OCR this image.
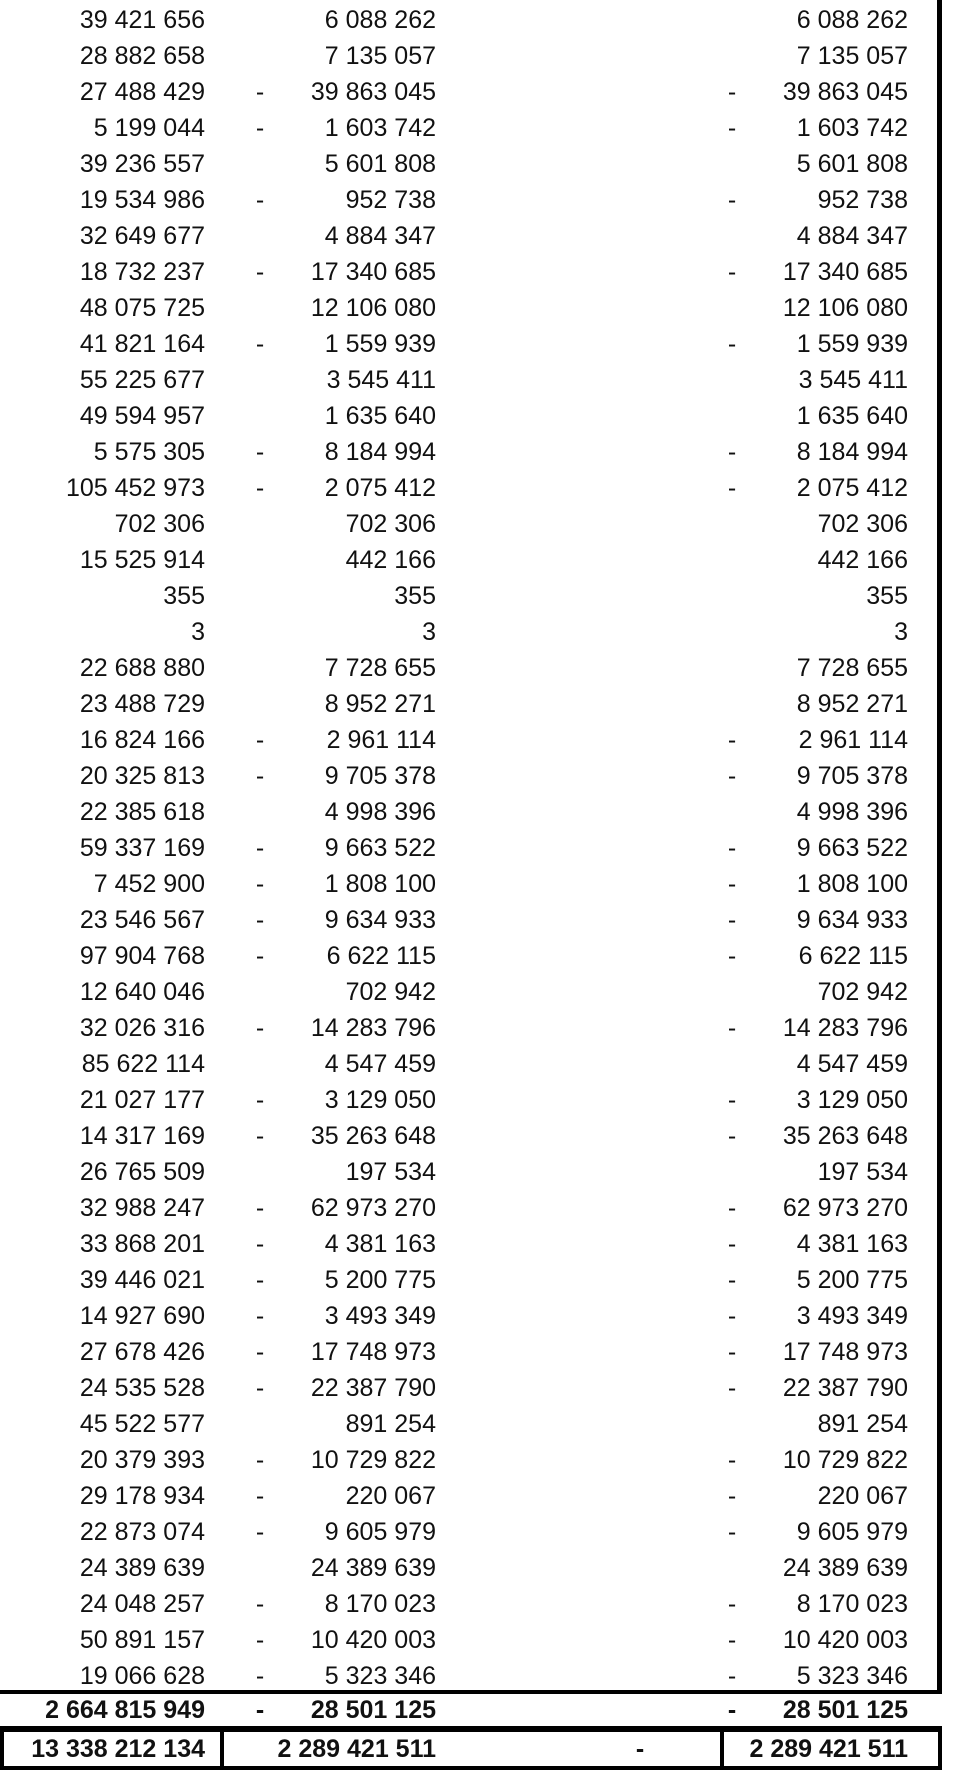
39 421 656	6 088 262	6 088 262
28 882 658	7 135 057	7 135 057
27 488 429 -	39 863 045	-	39 863 045
5 199 044 -	1 603 742	-	1 603 742
39 236 557	5 601 808	5 601 808
19 534 986 -	952 738	-	952 738
32 649 677	4 884 347	4 884 347
18 732 237 -	17 340 685	-	17 340 685
48 075 725	12 106 080	12 106 080
41 821 164 -	1 559 939	-	1 559 939
55 225 677	3 545 411	3 545 411
49 594 957	1 635 640	1 635 640
5 575 305 -	8 184 994	-	8 184 994
105 452 973 -	2 075 412	-	2 075 412
702 306	702 306	702 306
15 525 914	442 166	442 166
355	355	355
3	3	3
22 688 880	7 728 655	7 728 655
23 488 729	8 952 271	8 952 271
16 824 166 -	2 961 114	-	2 961 114
20 325 813 -	9 705 378	-	9 705 378
22 385 618	4 998 396	4 998 396
59 337 169 -	9 663 522	-	9 663 522
7 452 900 -	1 808 100	-	1 808 100
23 546 567 -	9 634 933	-	9 634 933
97 904 768 -	6 622 115	-	6 622 115
12 640 046	702 942	702 942
32 026 316 -	14 283 796	-	14 283 796
85 622 114	4 547 459	4 547 459
21 027 177 -	3 129 050	-	3 129 050
14 317 169 -	35 263 648	-	35 263 648
26 765 509	197 534	197 534
32 988 247 -	62 973 270	-	62 973 270
33 868 201 -	4 381 163	-	4 381 163
39 446 021 -	5 200 775	-	5 200 775
14 927 690 -	3 493 349	-	3 493 349
27 678 426 -	17 748 973	-	17 748 973
24 535 528 -	22 387 790	-	22 387 790
45 522 577	891 254	891 254
20 379 393 -	10 729 822	-	10 729 822
29 178 934 -	220 067	-	220 067
22 873 074 -	9 605 979	-	9 605 979
24 389 639	24 389 639	24 389 639
24 048 257 -	8 170 023	-	8 170 023
50 891 157 -	10 420 003	-	10 420 003
19 066 628 -	5 323 346	-	5 323 346
2 664 815 949 -	28 501 125	-	28 501 125
13 338 212 134	2 289 421 511	-	2 289 421 511
